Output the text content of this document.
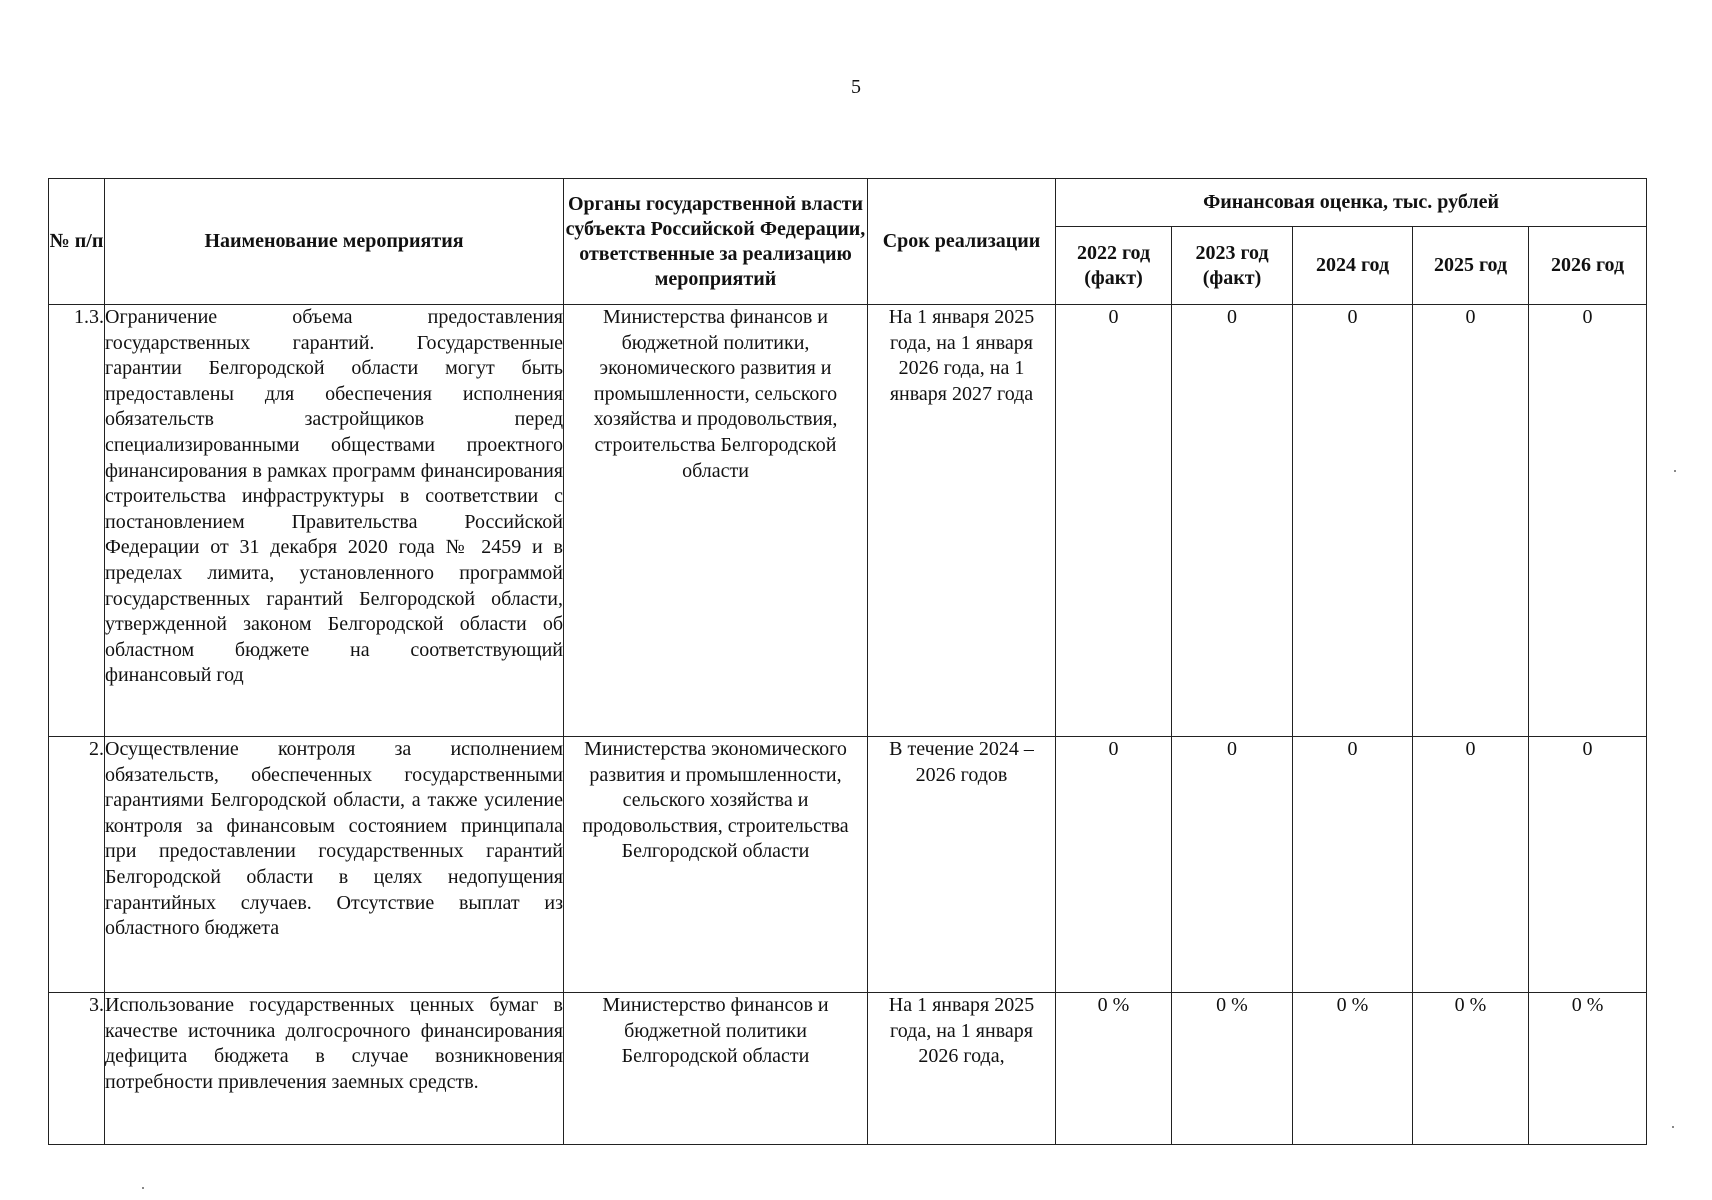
5
№ п/п	Наименование мероприятия	Органы государственной власти субъекта Российской Федерации, ответственные за реализацию мероприятий	Срок реализации	Финансовая оценка, тыс. рублей				
				2022 год (факт)	2023 год (факт)	2024 год	2025 год	2026 год
1.3.	Ограничение объема предоставления государственных гарантий. Государственные гарантии Белгородской области могут быть предоставлены для обеспечения исполнения обязательств застройщиков перед специализированными обществами проектного финансирования в рамках программ финансирования строительства инфраструктуры в соответствии с постановлением Правительства Российской Федерации от 31 декабря 2020 года № 2459 и в пределах лимита, установленного программой государственных гарантий Белгородской области, утвержденной законом Белгородской области об областном бюджете на соответствующий финансовый год	Министерства финансов и бюджетной политики, экономического развития и промышленности, сельского хозяйства и продовольствия, строительства Белгородской области	На 1 января 2025 года, на 1 января 2026 года, на 1 января 2027 года	0	0	0	0	0
2.	Осуществление контроля за исполнением обязательств, обеспеченных государственными гарантиями Белгородской области, а также усиление контроля за финансовым состоянием принципала при предоставлении государственных гарантий Белгородской области в целях недопущения гарантийных случаев. Отсутствие выплат из областного бюджета	Министерства экономического развития и промышленности, сельского хозяйства и продовольствия, строительства Белгородской области	В течение 2024 – 2026 годов	0	0	0	0	0
3.	Использование государственных ценных бумаг в качестве источника долгосрочного финансирования дефицита бюджета в случае возникновения потребности привлечения заемных средств.	Министерство финансов и бюджетной политики Белгородской области	На 1 января 2025 года, на 1 января 2026 года,	0 %	0 %	0 %	0 %	0 %
